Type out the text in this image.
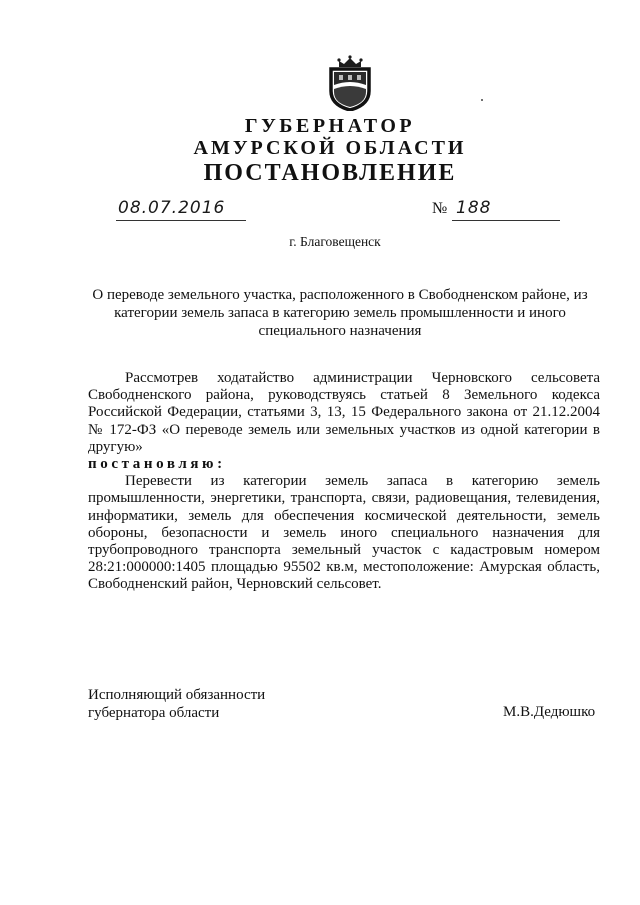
ГУБЕРНАТОР
АМУРСКОЙ ОБЛАСТИ
ПОСТАНОВЛЕНИЕ
08.07.2016	№ 188

г. Благовещенск

О переводе земельного участка, расположенного в Свободненском районе, из категории земель запаса в категорию земель промышленности и иного специального назначения

Рассмотрев ходатайство администрации Черновского сельсовета Свободненского района, руководствуясь статьей 8 Земельного кодекса Российской Федерации, статьями 3, 13, 15 Федерального закона от 21.12.2004 № 172-ФЗ «О переводе земель или земельных участков из одной категории в другую»

постановляю:

Перевести из категории земель запаса в категорию земель промышленности, энергетики, транспорта, связи, радиовещания, телевидения, информатики, земель для обеспечения космической деятельности, земель обороны, безопасности и земель иного специального назначения для трубопроводного транспорта земельный участок с кадастровым номером 28:21:000000:1405 площадью 95502 кв.м, местоположение: Амурская область, Свободненский район, Черновский сельсовет.

Исполняющий обязанности
губернатора области	М.В.Дедюшко
